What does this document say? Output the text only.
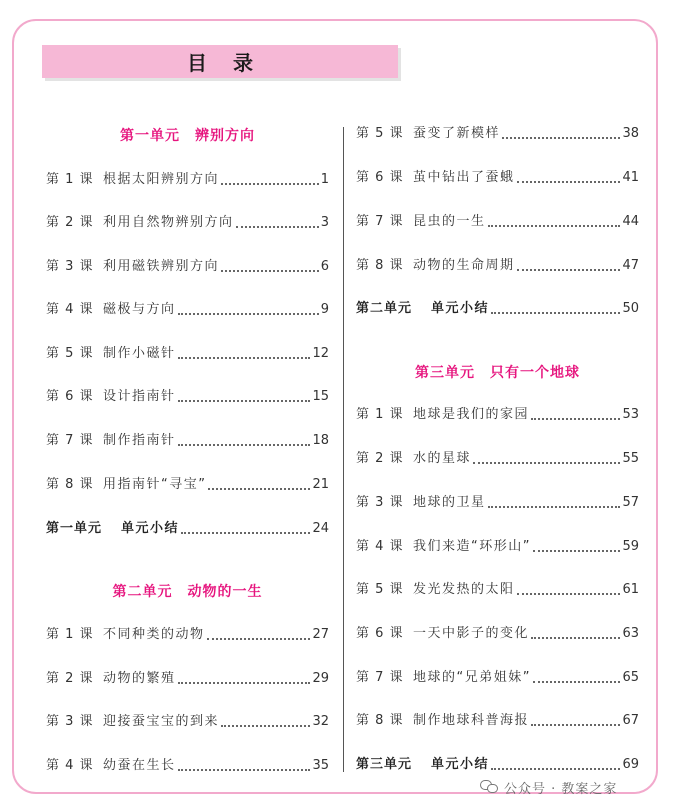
目录
第一单元　辨别方向
第 1 课 根据太阳辨别方向	1
第 2 课 利用自然物辨别方向	3
第 3 课 利用磁铁辨别方向	6
第 4 课 磁极与方向	9
第 5 课 制作小磁针	12
第 6 课 设计指南针	15
第 7 课 制作指南针	18
第 8 课 用指南针“寻宝”	21
第一单元	单元小结	24
第二单元　动物的一生
第 1 课 不同种类的动物	27
第 2 课 动物的繁殖	29
第 3 课 迎接蚕宝宝的到来	32
第 4 课 幼蚕在生长	35
第 5 课 蚕变了新模样	38
第 6 课 茧中钻出了蚕蛾	41
第 7 课 昆虫的一生	44
第 8 课 动物的生命周期	47
第二单元	单元小结	50
第三单元　只有一个地球
第 1 课 地球是我们的家园	53
第 2 课 水的星球	55
第 3 课 地球的卫星	57
第 4 课 我们来造“环形山”	59
第 5 课 发光发热的太阳	61
第 6 课 一天中影子的变化	63
第 7 课 地球的“兄弟姐妹”	65
第 8 课 制作地球科普海报	67
第三单元	单元小结	69
公众号 · 教案之家
